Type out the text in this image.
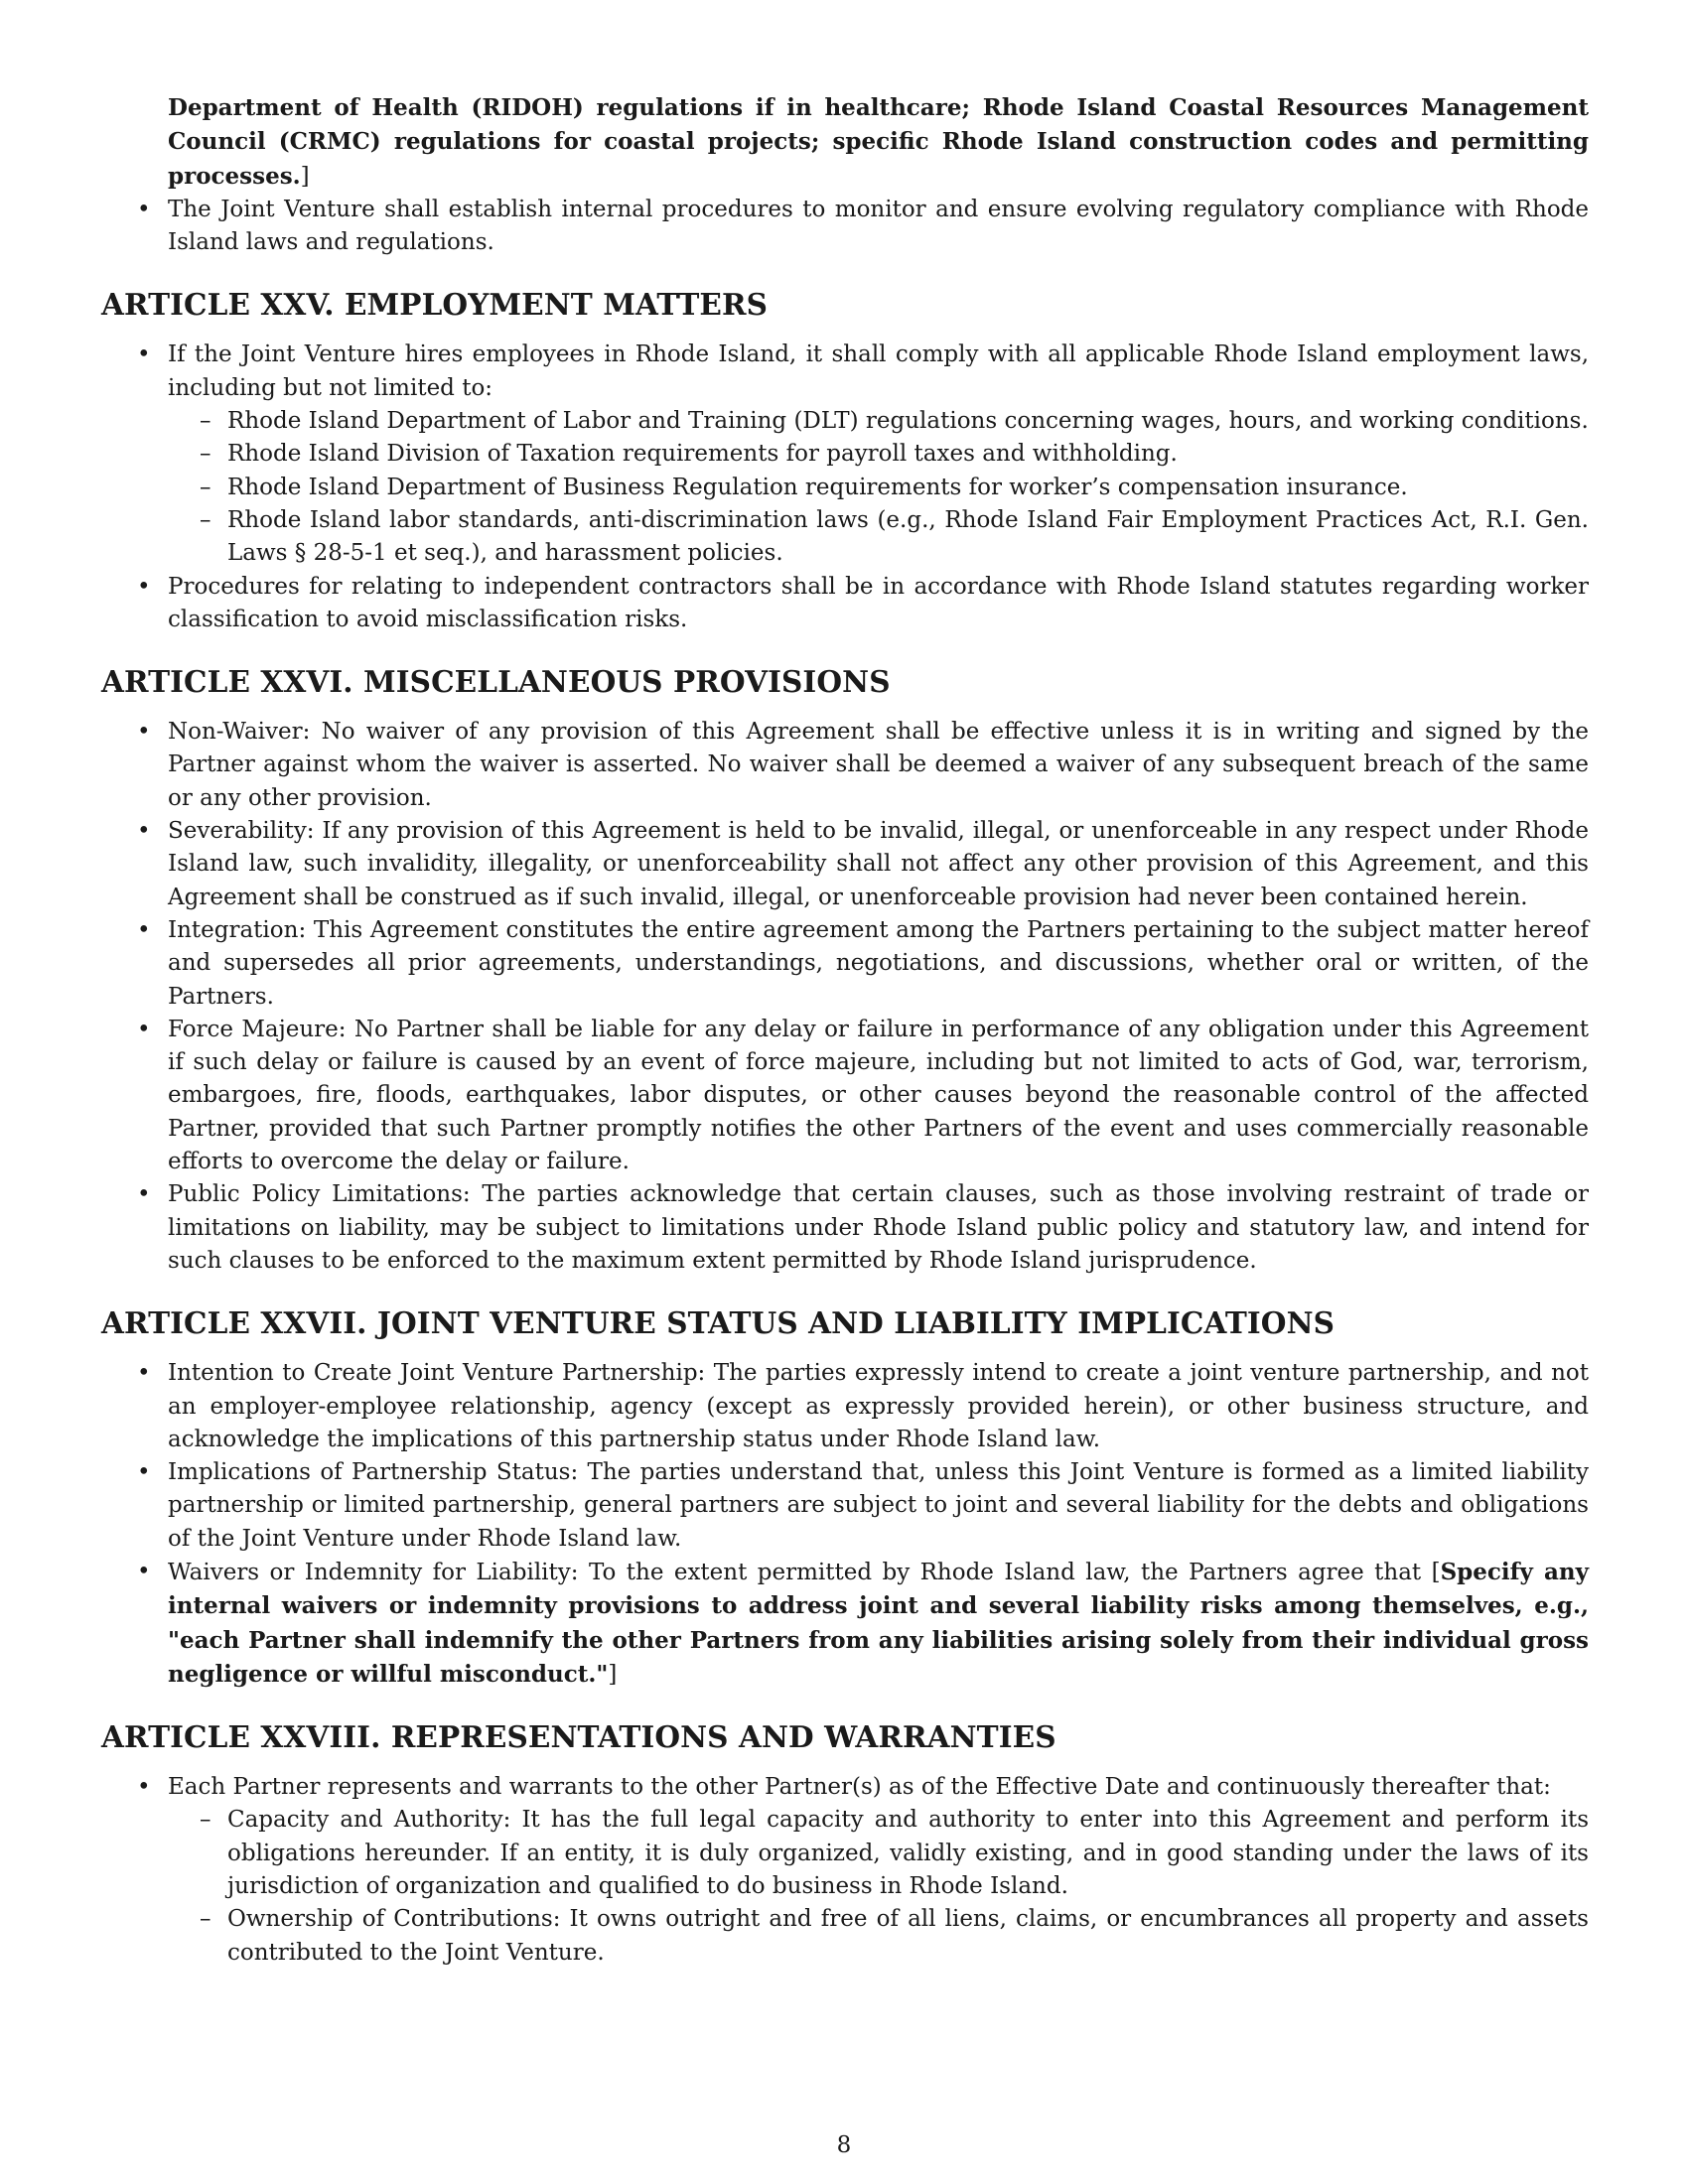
Department of Health (RIDOH) regulations if in healthcare; Rhode Island Coastal Resources Management Council (CRMC) regulations for coastal projects; specific Rhode Island construction codes and permitting processes.]
• The Joint Venture shall establish internal procedures to monitor and ensure evolving regulatory compliance with Rhode Island laws and regulations.
ARTICLE XXV. EMPLOYMENT MATTERS
• If the Joint Venture hires employees in Rhode Island, it shall comply with all applicable Rhode Island employment laws, including but not limited to:
– Rhode Island Department of Labor and Training (DLT) regulations concerning wages, hours, and working conditions.
– Rhode Island Division of Taxation requirements for payroll taxes and withholding.
– Rhode Island Department of Business Regulation requirements for worker’s compensation insurance.
– Rhode Island labor standards, anti-discrimination laws (e.g., Rhode Island Fair Employment Practices Act, R.I. Gen. Laws § 28-5-1 et seq.), and harassment policies.
• Procedures for relating to independent contractors shall be in accordance with Rhode Island statutes regarding worker classification to avoid misclassification risks.
ARTICLE XXVI. MISCELLANEOUS PROVISIONS
• Non-Waiver: No waiver of any provision of this Agreement shall be effective unless it is in writing and signed by the Partner against whom the waiver is asserted. No waiver shall be deemed a waiver of any subsequent breach of the same or any other provision.
• Severability: If any provision of this Agreement is held to be invalid, illegal, or unenforceable in any respect under Rhode Island law, such invalidity, illegality, or unenforceability shall not affect any other provision of this Agreement, and this Agreement shall be construed as if such invalid, illegal, or unenforceable provision had never been contained herein.
• Integration: This Agreement constitutes the entire agreement among the Partners pertaining to the subject matter hereof and supersedes all prior agreements, understandings, negotiations, and discussions, whether oral or written, of the Partners.
• Force Majeure: No Partner shall be liable for any delay or failure in performance of any obligation under this Agreement if such delay or failure is caused by an event of force majeure, including but not limited to acts of God, war, terrorism, embargoes, fire, floods, earthquakes, labor disputes, or other causes beyond the reasonable control of the affected Partner, provided that such Partner promptly notifies the other Partners of the event and uses commercially reasonable efforts to overcome the delay or failure.
• Public Policy Limitations: The parties acknowledge that certain clauses, such as those involving restraint of trade or limitations on liability, may be subject to limitations under Rhode Island public policy and statutory law, and intend for such clauses to be enforced to the maximum extent permitted by Rhode Island jurisprudence.
ARTICLE XXVII. JOINT VENTURE STATUS AND LIABILITY IMPLICATIONS
• Intention to Create Joint Venture Partnership: The parties expressly intend to create a joint venture partnership, and not an employer-employee relationship, agency (except as expressly provided herein), or other business structure, and acknowledge the implications of this partnership status under Rhode Island law.
• Implications of Partnership Status: The parties understand that, unless this Joint Venture is formed as a limited liability partnership or limited partnership, general partners are subject to joint and several liability for the debts and obligations of the Joint Venture under Rhode Island law.
• Waivers or Indemnity for Liability: To the extent permitted by Rhode Island law, the Partners agree that [Specify any internal waivers or indemnity provisions to address joint and several liability risks among themselves, e.g., "each Partner shall indemnify the other Partners from any liabilities arising solely from their individual gross negligence or willful misconduct."]
ARTICLE XXVIII. REPRESENTATIONS AND WARRANTIES
• Each Partner represents and warrants to the other Partner(s) as of the Effective Date and continuously thereafter that:
– Capacity and Authority: It has the full legal capacity and authority to enter into this Agreement and perform its obligations hereunder. If an entity, it is duly organized, validly existing, and in good standing under the laws of its jurisdiction of organization and qualified to do business in Rhode Island.
– Ownership of Contributions: It owns outright and free of all liens, claims, or encumbrances all property and assets contributed to the Joint Venture.
8
